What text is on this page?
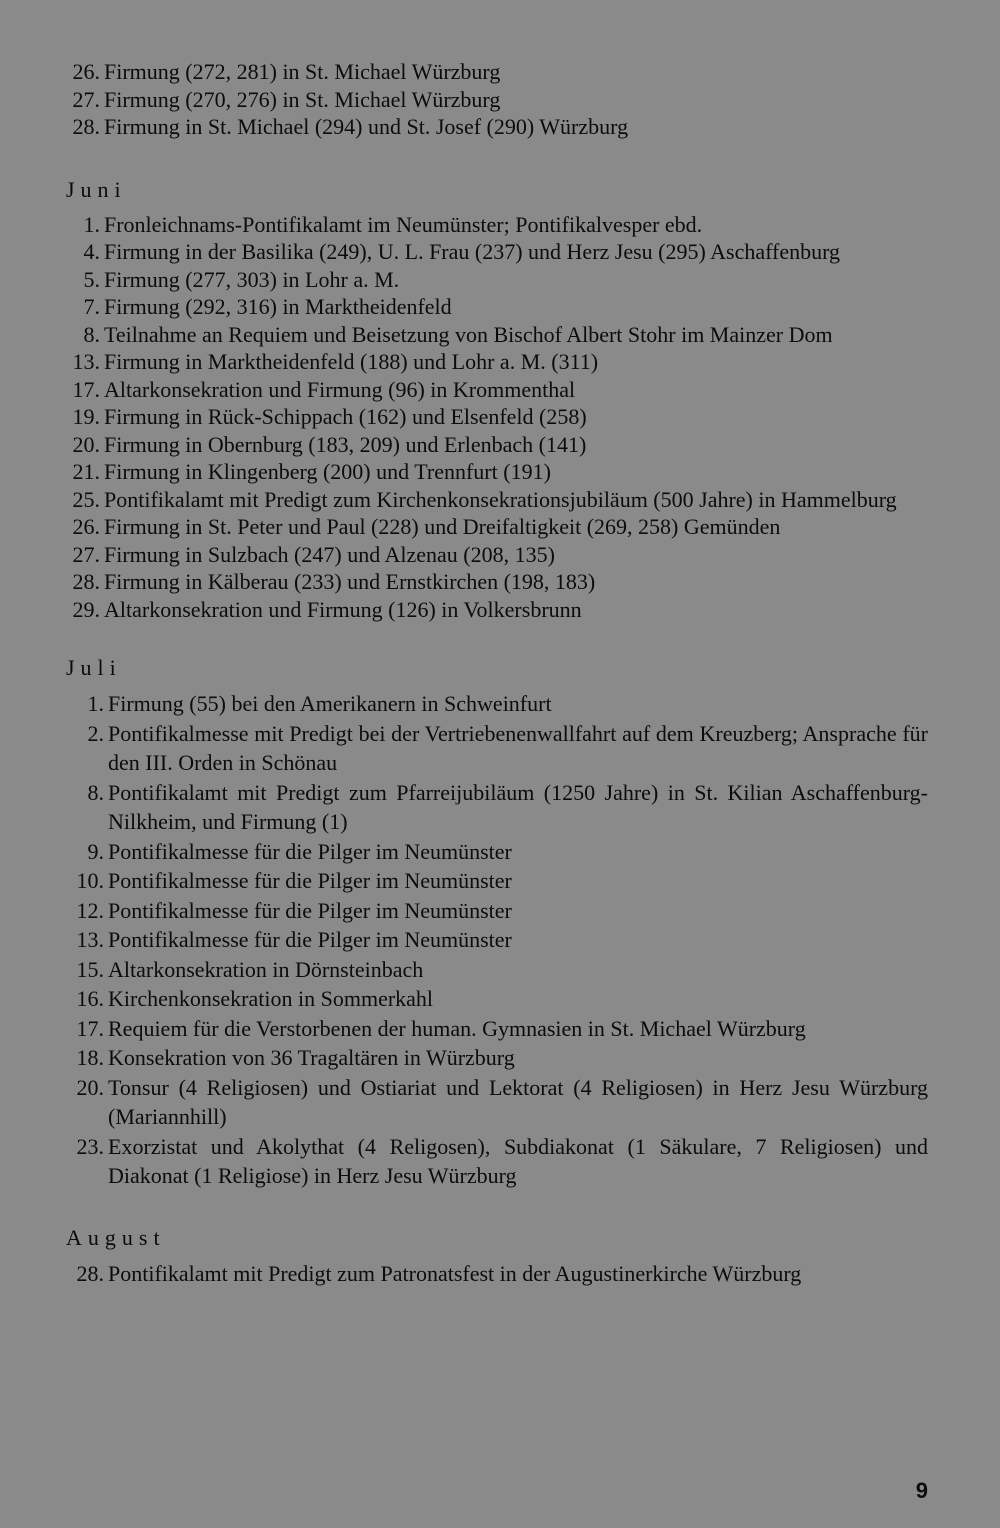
26. Firmung (272, 281) in St. Michael Würzburg
27. Firmung (270, 276) in St. Michael Würzburg
28. Firmung in St. Michael (294) und St. Josef (290) Würzburg
Juni
1. Fronleichnams-Pontifikalamt im Neumünster; Pontifikalvesper ebd.
4. Firmung in der Basilika (249), U. L. Frau (237) und Herz Jesu (295) Aschaffenburg
5. Firmung (277, 303) in Lohr a. M.
7. Firmung (292, 316) in Marktheidenfeld
8. Teilnahme an Requiem und Beisetzung von Bischof Albert Stohr im Mainzer Dom
13. Firmung in Marktheidenfeld (188) und Lohr a. M. (311)
17. Altarkonsekration und Firmung (96) in Krommenthal
19. Firmung in Rück-Schippach (162) und Elsenfeld (258)
20. Firmung in Obernburg (183, 209) und Erlenbach (141)
21. Firmung in Klingenberg (200) und Trennfurt (191)
25. Pontifikalamt mit Predigt zum Kirchenkonsekrationsjubiläum (500 Jahre) in Hammelburg
26. Firmung in St. Peter und Paul (228) und Dreifaltigkeit (269, 258) Gemünden
27. Firmung in Sulzbach (247) und Alzenau (208, 135)
28. Firmung in Kälberau (233) und Ernstkirchen (198, 183)
29. Altarkonsekration und Firmung (126) in Volkersbrunn
Juli
1. Firmung (55) bei den Amerikanern in Schweinfurt
2. Pontifikalmesse mit Predigt bei der Vertriebenenwallfahrt auf dem Kreuzberg; Ansprache für den III. Orden in Schönau
8. Pontifikalamt mit Predigt zum Pfarreijubiläum (1250 Jahre) in St. Kilian Aschaffenburg-Nilkheim, und Firmung (1)
9. Pontifikalmesse für die Pilger im Neumünster
10. Pontifikalmesse für die Pilger im Neumünster
12. Pontifikalmesse für die Pilger im Neumünster
13. Pontifikalmesse für die Pilger im Neumünster
15. Altarkonsekration in Dörnsteinbach
16. Kirchenkonsekration in Sommerkahl
17. Requiem für die Verstorbenen der human. Gymnasien in St. Michael Würzburg
18. Konsekration von 36 Tragaltären in Würzburg
20. Tonsur (4 Religiosen) und Ostiariat und Lektorat (4 Religiosen) in Herz Jesu Würzburg (Mariannhill)
23. Exorzistat und Akolythat (4 Religosen), Subdiakonat (1 Säkulare, 7 Religiosen) und Diakonat (1 Religiose) in Herz Jesu Würzburg
August
28. Pontifikalamt mit Predigt zum Patronatsfest in der Augustinerkirche Würzburg
9
